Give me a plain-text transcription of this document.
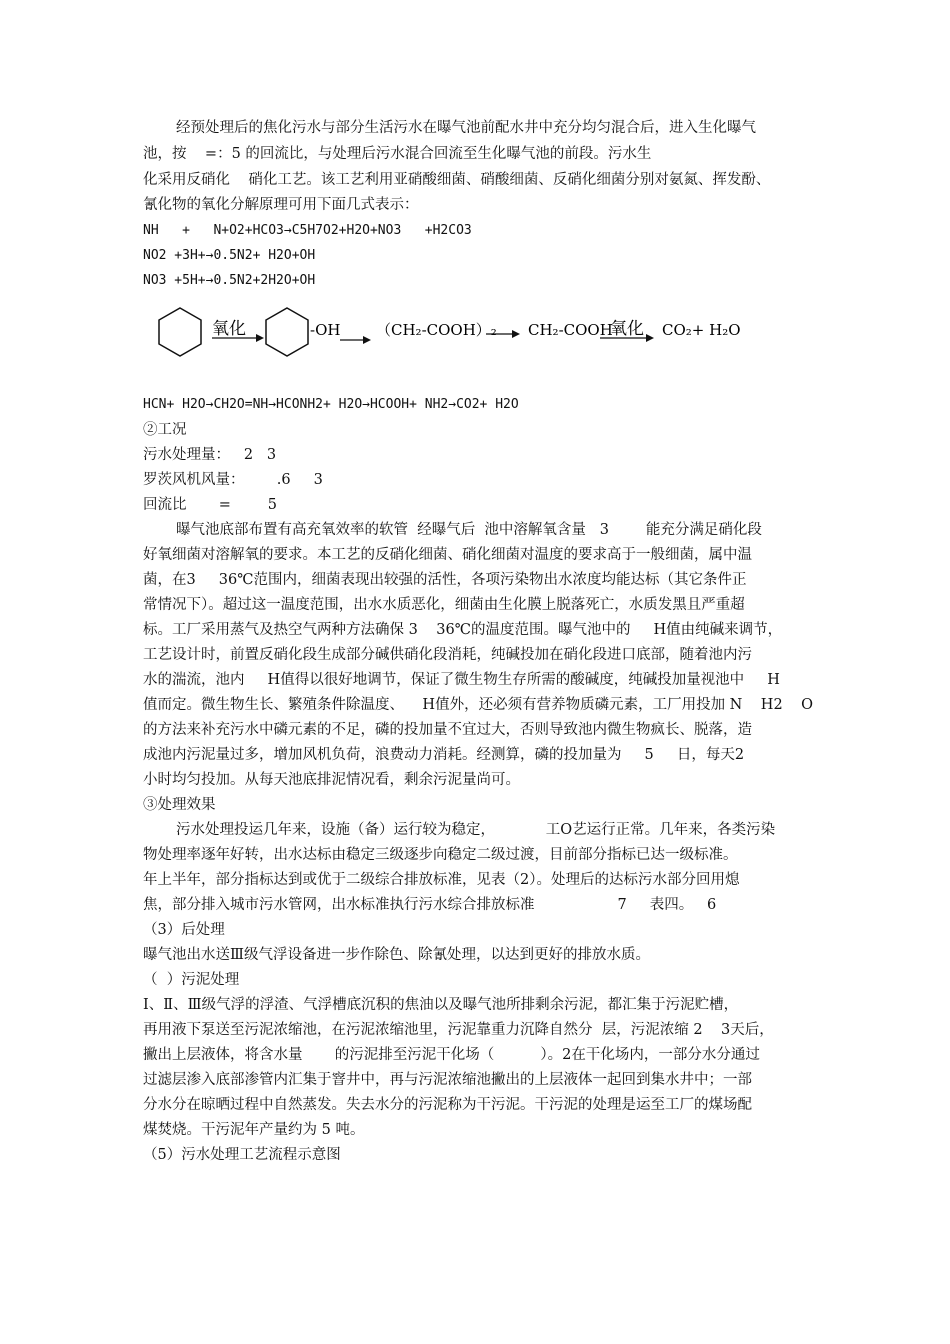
经预处理后的焦化污水与部分生活污水在曝气池前配水井中充分均匀混合后，进入生化曝气
池，按    =：5 的回流比，与处理后污水混合回流至生化曝气池的前段。污水生
化采用反硝化    硝化工艺。该工艺利用亚硝酸细菌、硝酸细菌、反硝化细菌分别对氨氮、挥发酚、
氰化物的氧化分解原理可用下面几式表示：
NH   +   N+O2+HCO3→C5H7O2+H2O+NO3   +H2CO3
NO2 +3H+→0.5N2+ H2O+OH
NO3 +5H+→0.5N2+2H2O+OH
氧化	-OH （CH₂-COOH）₂ CH₂-COOH
氧化 CO₂+ H₂O
HCN+ H2O→CH2O=NH→HCONH2+ H2O→HCOOH+ NH2→CO2+ H2O
②工况
污水处理量：   2   3
罗茨风机风量：       .6     3
回流比       =        5
曝气池底部布置有高充氧效率的软管  经曝气后  池中溶解氧含量   3        能充分满足硝化段
好氧细菌对溶解氧的要求。本工艺的反硝化细菌、硝化细菌对温度的要求高于一般细菌，属中温
菌，在3     36℃范围内，细菌表现出较强的活性，各项污染物出水浓度均能达标（其它条件正
常情况下）。超过这一温度范围，出水水质恶化，细菌由生化膜上脱落死亡，水质发黑且严重超
标。工厂采用蒸气及热空气两种方法确保 3    36℃的温度范围。曝气池中的     H值由纯碱来调节，
工艺设计时，前置反硝化段生成部分碱供硝化段消耗，纯碱投加在硝化段进口底部，随着池内污
水的湍流，池内     H值得以很好地调节，保证了微生物生存所需的酸碱度，纯碱投加量视池中     H
值而定。微生物生长、繁殖条件除温度、    H值外，还必须有营养物质磷元素，工厂用投加 N    H2    O
的方法来补充污水中磷元素的不足，磷的投加量不宜过大，否则导致池内微生物疯长、脱落，造
成池内污泥量过多，增加风机负荷，浪费动力消耗。经测算，磷的投加量为     5     日，每天2
小时均匀投加。从每天池底排泥情况看，剩余污泥量尚可。
③处理效果
污水处理投运几年来，设施（备）运行较为稳定，           工O艺运行正常。几年来，各类污染
物处理率逐年好转，出水达标由稳定三级逐步向稳定二级过渡，目前部分指标已达一级标准。
年上半年，部分指标达到或优于二级综合排放标准，见表（2）。处理后的达标污水部分回用熄
焦，部分排入城市污水管网，出水标准执行污水综合排放标准                  7     表四。   6
（3）后处理
曝气池出水送Ⅲ级气浮设备进一步作除色、除氰处理，以达到更好的排放水质。
（  ）污泥处理
Ⅰ、Ⅱ、Ⅲ级气浮的浮渣、气浮槽底沉积的焦油以及曝气池所排剩余污泥，都汇集于污泥贮槽，
再用液下泵送至污泥浓缩池，在污泥浓缩池里，污泥靠重力沉降自然分  层，污泥浓缩 2    3天后，
撇出上层液体，将含水量       的污泥排至污泥干化场（          ）。2在干化场内，一部分水分通过
过滤层渗入底部渗管内汇集于窨井中，再与污泥浓缩池撇出的上层液体一起回到集水井中；一部
分水分在晾晒过程中自然蒸发。失去水分的污泥称为干污泥。干污泥的处理是运至工厂的煤场配
煤焚烧。干污泥年产量约为 5 吨。
（5）污水处理工艺流程示意图
